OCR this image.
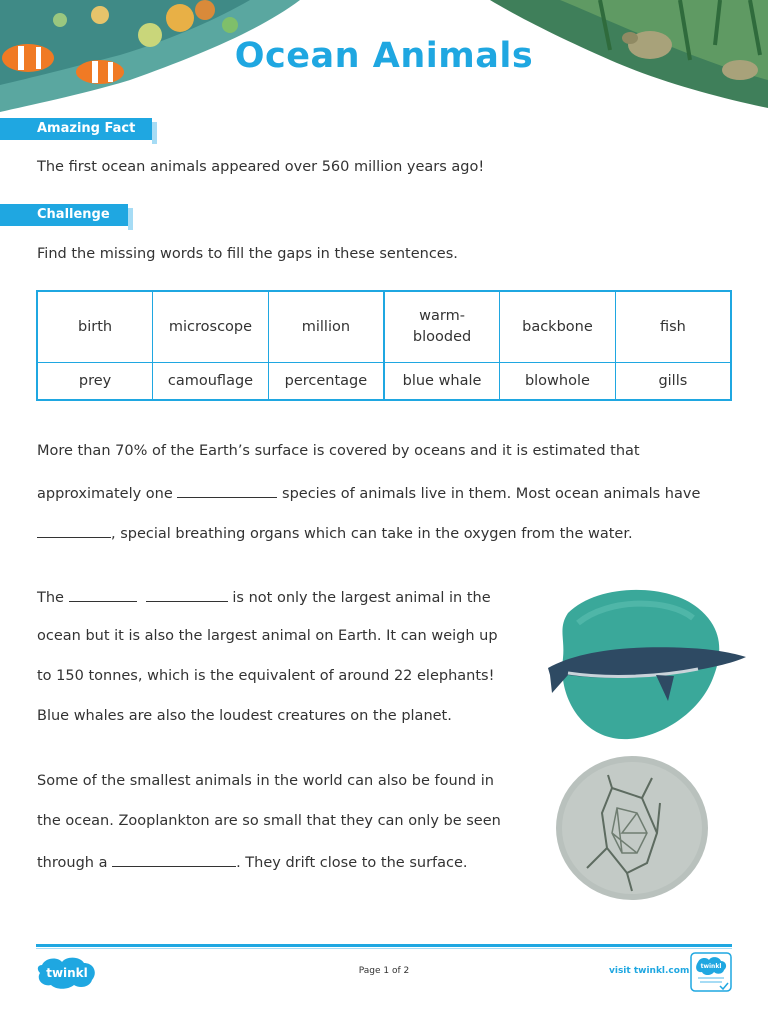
Ocean Animals
Amazing Fact
The first ocean animals appeared over 560 million years ago!
Challenge
Find the missing words to fill the gaps in these sentences.
birth	microscope	million	warm-blooded	backbone	fish
prey	camouflage	percentage	blue whale	blowhole	gills
More than 70% of the Earth’s surface is covered by oceans and it is estimated that
approximately one	species of animals live in them. Most ocean animals have
, special breathing organs which can take in the oxygen from the water.
The	is not only the largest animal in the
ocean but it is also the largest animal on Earth. It can weigh up
to 150 tonnes, which is the equivalent of around 22 elephants!
Blue whales are also the loudest creatures on the planet.
Some of the smallest animals in the world can also be found in
the ocean. Zooplankton are so small that they can only be seen
through a	. They drift close to the surface.
twinkl	Page 1 of 2	visit twinkl.com twinkl
